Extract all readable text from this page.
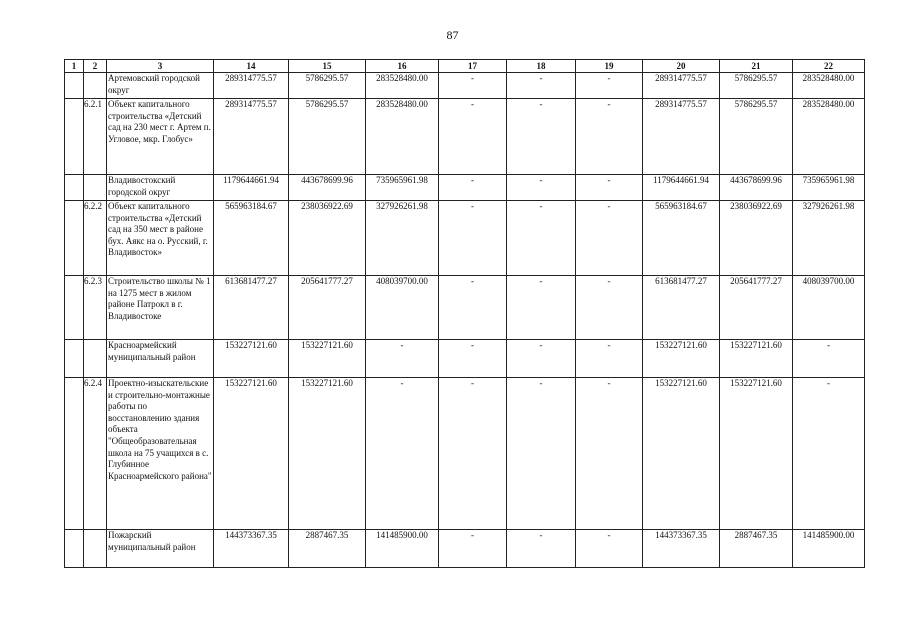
87
1	2	3	14	15	16	17	18	19	20	21	22
		Артемовский городской округ	289314775.57	5786295.57	283528480.00	-	-	-	289314775.57	5786295.57	283528480.00
	6.2.1	Объект капитального строительства «Детский сад на 230 мест г. Артем п. Угловое, мкр. Глобус»	289314775.57	5786295.57	283528480.00	-	-	-	289314775.57	5786295.57	283528480.00
		Владивостокский городской округ	1179644661.94	443678699.96	735965961.98	-	-	-	1179644661.94	443678699.96	735965961.98
	6.2.2	Объект капитального строительства «Детский сад на 350 мест в районе бух. Аякс на о. Русский, г. Владивосток»	565963184.67	238036922.69	327926261.98	-	-	-	565963184.67	238036922.69	327926261.98
	6.2.3	Строительство школы № 1 на 1275 мест в жилом районе Патрокл в г. Владивостоке	613681477.27	205641777.27	408039700.00	-	-	-	613681477.27	205641777.27	408039700.00
		Красноармейский муниципальный район	153227121.60	153227121.60	-	-	-	-	153227121.60	153227121.60	-
	6.2.4	Проектно-изыскательские и строительно-монтажные работы по восстановлению здания объекта "Общеобразовательная школа на 75 учащихся в с. Глубинное Красноармейского района"	153227121.60	153227121.60	-	-	-	-	153227121.60	153227121.60	-
		Пожарский муниципальный район	144373367.35	2887467.35	141485900.00	-	-	-	144373367.35	2887467.35	141485900.00
